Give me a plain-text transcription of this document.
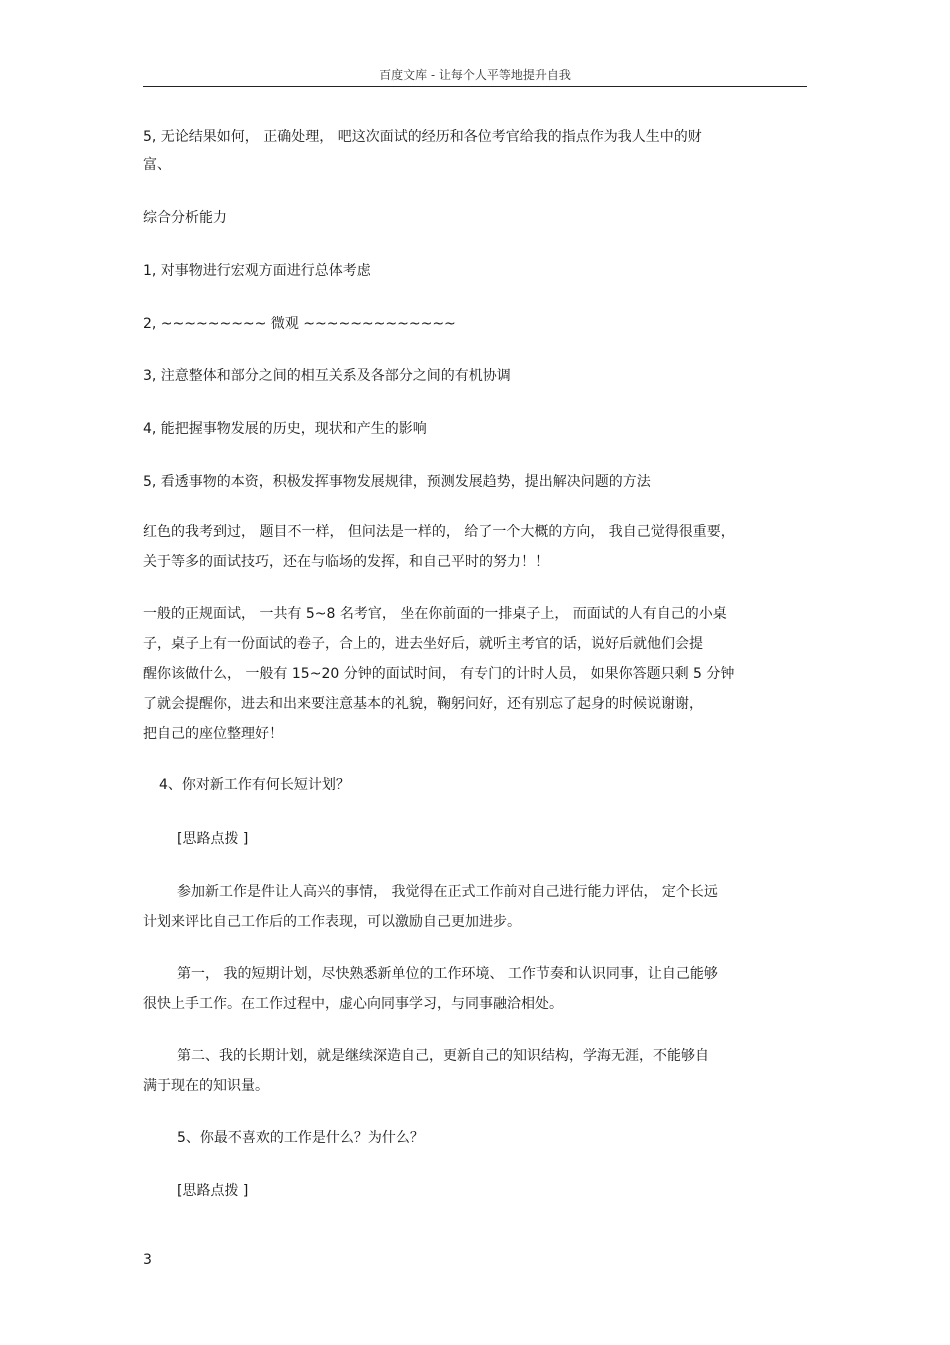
百度文库 - 让每个人平等地提升自我
5, 无论结果如何， 正确处理， 吧这次面试的经历和各位考官给我的指点作为我人生中的财
富、
综合分析能力
1, 对事物进行宏观方面进行总体考虑
2, ~~~~~~~~~ 微观 ~~~~~~~~~~~~~
3, 注意整体和部分之间的相互关系及各部分之间的有机协调
4, 能把握事物发展的历史，现状和产生的影响
5, 看透事物的本资，积极发挥事物发展规律，预测发展趋势，提出解决问题的方法
红色的我考到过， 题目不一样， 但问法是一样的， 给了一个大概的方向， 我自己觉得很重要，
关于等多的面试技巧，还在与临场的发挥，和自己平时的努力！！
一般的正规面试， 一共有 5~8 名考官， 坐在你前面的一排桌子上， 而面试的人有自己的小桌
子，桌子上有一份面试的卷子，合上的，进去坐好后，就听主考官的话，说好后就他们会提
醒你该做什么， 一般有 15~20 分钟的面试时间， 有专门的计时人员， 如果你答题只剩 5 分钟
了就会提醒你，进去和出来要注意基本的礼貌，鞠躬问好，还有别忘了起身的时候说谢谢，
把自己的座位整理好！
4、你对新工作有何长短计划？
[思路点拨 ]
参加新工作是件让人高兴的事情， 我觉得在正式工作前对自己进行能力评估， 定个长远
计划来评比自己工作后的工作表现，可以激励自己更加进步。
第一， 我的短期计划，尽快熟悉新单位的工作环境、 工作节奏和认识同事，让自己能够
很快上手工作。在工作过程中，虚心向同事学习，与同事融洽相处。
第二、我的长期计划，就是继续深造自己，更新自己的知识结构，学海无涯，不能够自
满于现在的知识量。
5、你最不喜欢的工作是什么？为什么？
[思路点拨 ]
3
